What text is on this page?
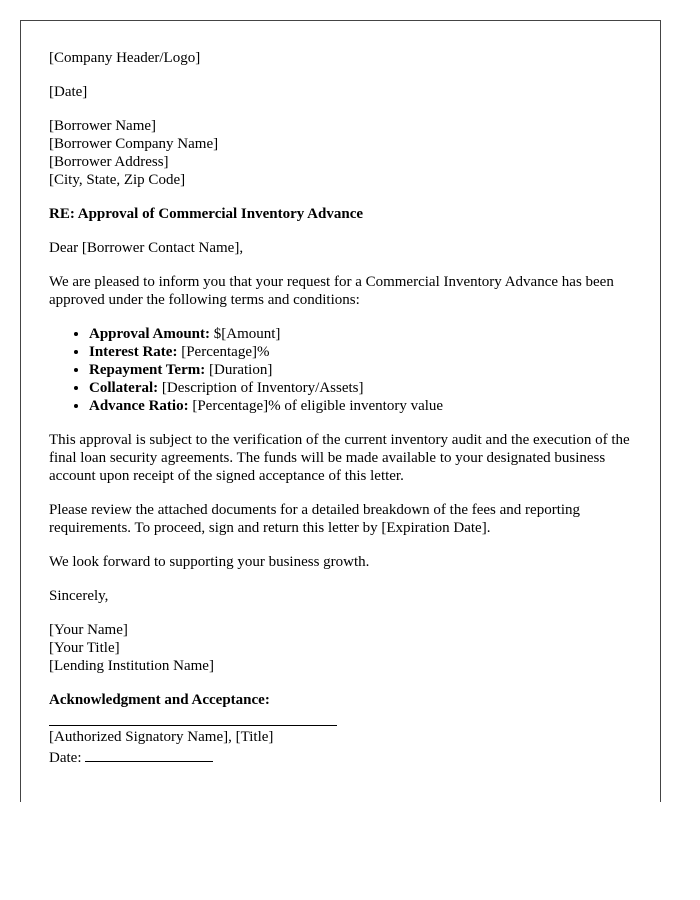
[Company Header/Logo]

[Date]

[Borrower Name]
[Borrower Company Name]
[Borrower Address]
[City, State, Zip Code]

RE: Approval of Commercial Inventory Advance

Dear [Borrower Contact Name],

We are pleased to inform you that your request for a Commercial Inventory Advance has been approved under the following terms and conditions:

• Approval Amount: $[Amount]
• Interest Rate: [Percentage]%
• Repayment Term: [Duration]
• Collateral: [Description of Inventory/Assets]
• Advance Ratio: [Percentage]% of eligible inventory value

This approval is subject to the verification of the current inventory audit and the execution of the final loan security agreements. The funds will be made available to your designated business account upon receipt of the signed acceptance of this letter.

Please review the attached documents for a detailed breakdown of the fees and reporting requirements. To proceed, sign and return this letter by [Expiration Date].

We look forward to supporting your business growth.

Sincerely,

[Your Name]
[Your Title]
[Lending Institution Name]
Acknowledgment and Acceptance:
[Authorized Signatory Name], [Title]
Date:
